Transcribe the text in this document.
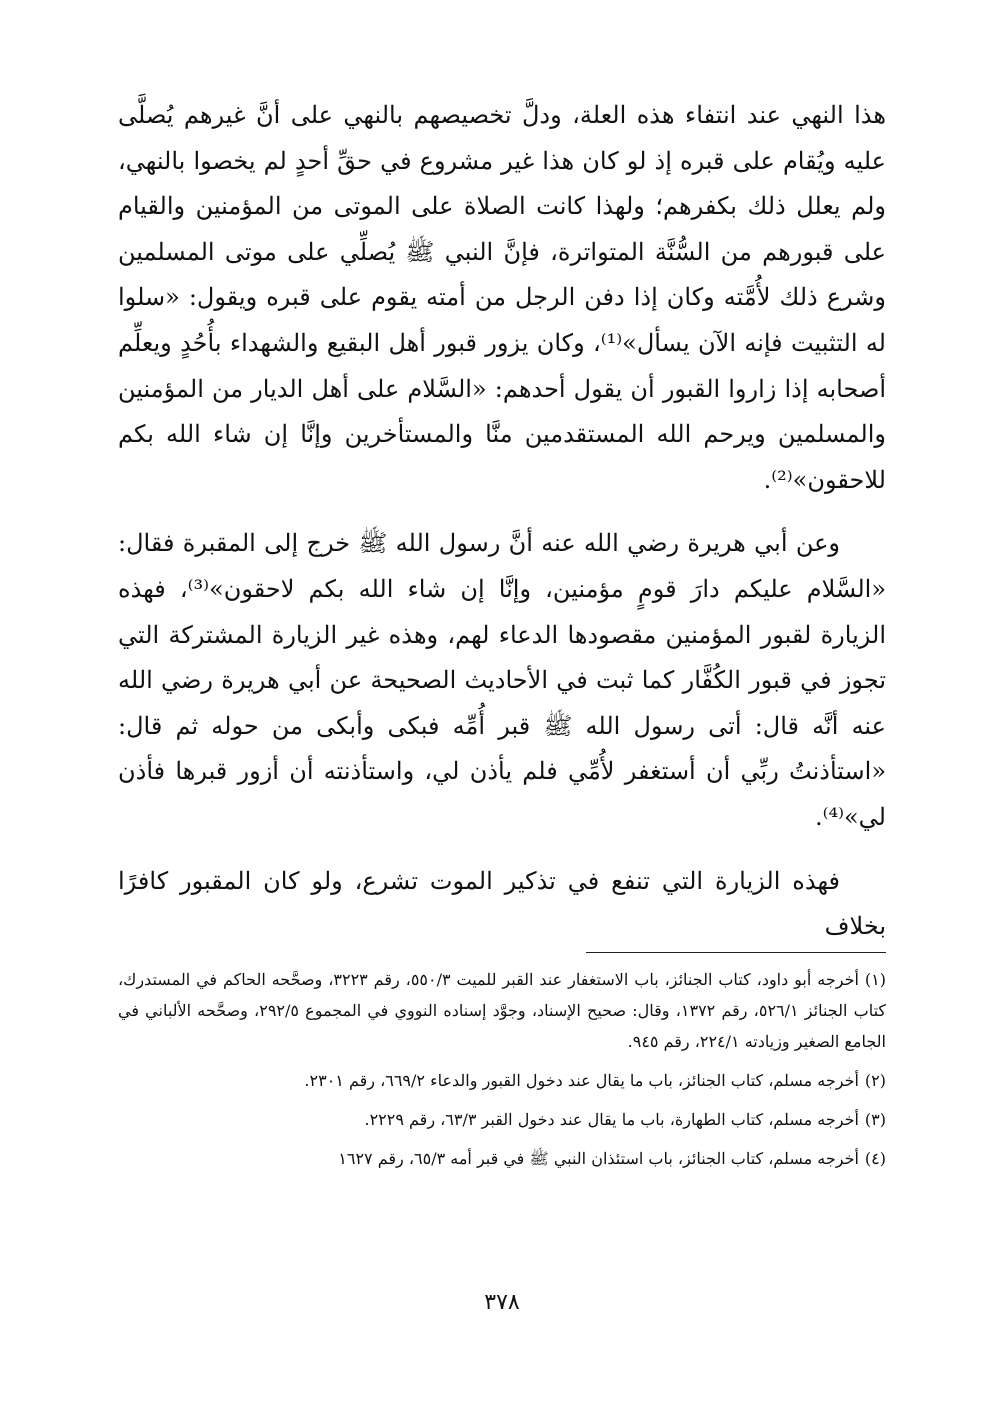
هذا النهي عند انتفاء هذه العلة، ودلَّ تخصيصهم بالنهي على أنَّ غيرهم يُصلَّى عليه ويُقام على قبره إذ لو كان هذا غير مشروع في حقِّ أحدٍ لم يخصوا بالنهي، ولم يعلل ذلك بكفرهم؛ ولهذا كانت الصلاة على الموتى من المؤمنين والقيام على قبورهم من السُّنَّة المتواترة، فإنَّ النبي ﷺ يُصلِّي على موتى المسلمين وشرع ذلك لأُمَّته وكان إذا دفن الرجل من أمته يقوم على قبره ويقول: «سلوا له التثبيت فإنه الآن يسأل»⁽¹⁾، وكان يزور قبور أهل البقيع والشهداء بأُحُدٍ ويعلِّم أصحابه إذا زاروا القبور أن يقول أحدهم: «السَّلام على أهل الديار من المؤمنين والمسلمين ويرحم الله المستقدمين منَّا والمستأخرين وإنَّا إن شاء الله بكم للاحقون»⁽²⁾.

وعن أبي هريرة رضي الله عنه أنَّ رسول الله ﷺ خرج إلى المقبرة فقال: «السَّلام عليكم دارَ قومٍ مؤمنين، وإنَّا إن شاء الله بكم لاحقون»⁽³⁾، فهذه الزيارة لقبور المؤمنين مقصودها الدعاء لهم، وهذه غير الزيارة المشتركة التي تجوز في قبور الكُفَّار كما ثبت في الأحاديث الصحيحة عن أبي هريرة رضي الله عنه أنَّه قال: أتى رسول الله ﷺ قبر أُمِّه فبكى وأبكى من حوله ثم قال: «استأذنتُ ربِّي أن أستغفر لأُمِّي فلم يأذن لي، واستأذنته أن أزور قبرها فأذن لي»⁽⁴⁾.

فهذه الزيارة التي تنفع في تذكير الموت تشرع، ولو كان المقبور كافرًا بخلاف

(١)أخرجه أبو داود، كتاب الجنائز، باب الاستغفار عند القبر للميت ٥٥٠/٣، رقم ٣٢٢٣، وصحَّحه الحاكم في المستدرك، كتاب الجنائز ٥٢٦/١، رقم ١٣٧٢، وقال: صحيح الإسناد، وجوَّد إسناده النووي في المجموع ٢٩٢/٥، وصحَّحه الألباني في الجامع الصغير وزيادته ٢٢٤/١، رقم ٩٤٥.

(٢)أخرجه مسلم، كتاب الجنائز، باب ما يقال عند دخول القبور والدعاء ٦٦٩/٢، رقم ٢٣٠١.

(٣)أخرجه مسلم، كتاب الطهارة، باب ما يقال عند دخول القبر ٦٣/٣، رقم ٢٢٢٩.

(٤)أخرجه مسلم، كتاب الجنائز، باب استئذان النبي ﷺ في قبر أمه ٦٥/٣، رقم ١٦٢٧

٣٧٨
